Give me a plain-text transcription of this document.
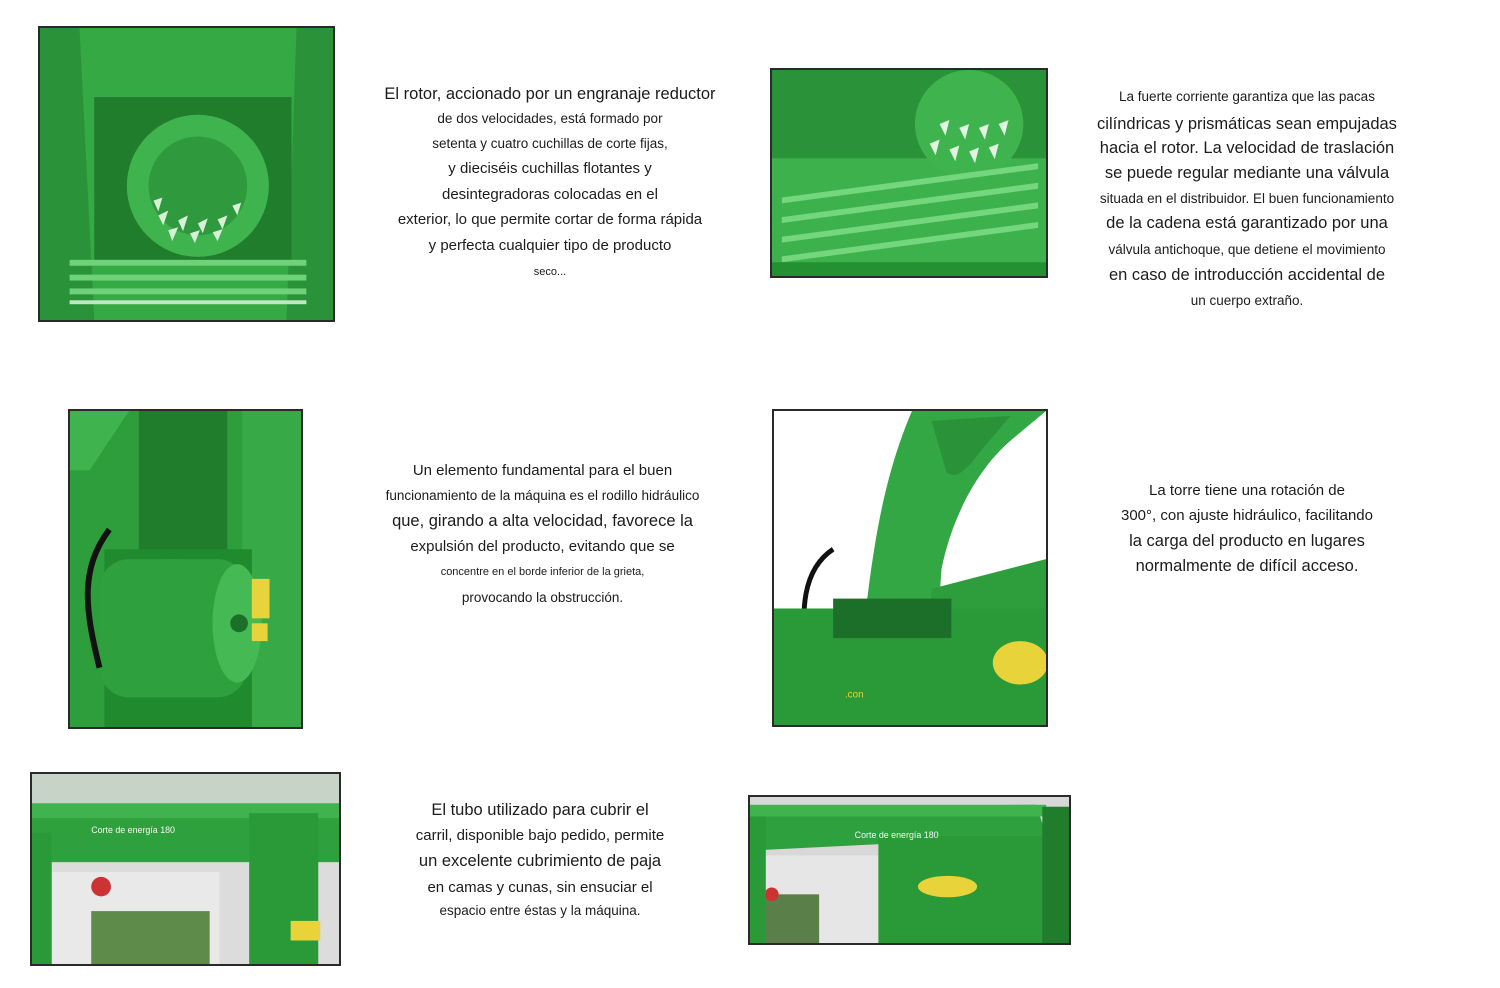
El rotor, accionado por un engranaje reductor
de dos velocidades, está formado por
setenta y cuatro cuchillas de corte fijas,
y dieciséis cuchillas flotantes y
desintegradoras colocadas en el
exterior, lo que permite cortar de forma rápida
y perfecta cualquier tipo de producto
seco...
La fuerte corriente garantiza que las pacas
cilíndricas y prismáticas sean empujadas
hacia el rotor. La velocidad de traslación
se puede regular mediante una válvula
situada en el distribuidor. El buen funcionamiento
de la cadena está garantizado por una
válvula antichoque, que detiene el movimiento
en caso de introducción accidental de
un cuerpo extraño.
Un elemento fundamental para el buen
funcionamiento de la máquina es el rodillo hidráulico
que, girando a alta velocidad, favorece la
expulsión del producto, evitando que se
concentre en el borde inferior de la grieta,
provocando la obstrucción.
.con
La torre tiene una rotación de
300°, con ajuste hidráulico, facilitando
la carga del producto en lugares
normalmente de difícil acceso.
Corte de energía 180
El tubo utilizado para cubrir el
carril, disponible bajo pedido, permite
un excelente cubrimiento de paja
en camas y cunas, sin ensuciar el
espacio entre éstas y la máquina.
Corte de energía 180
